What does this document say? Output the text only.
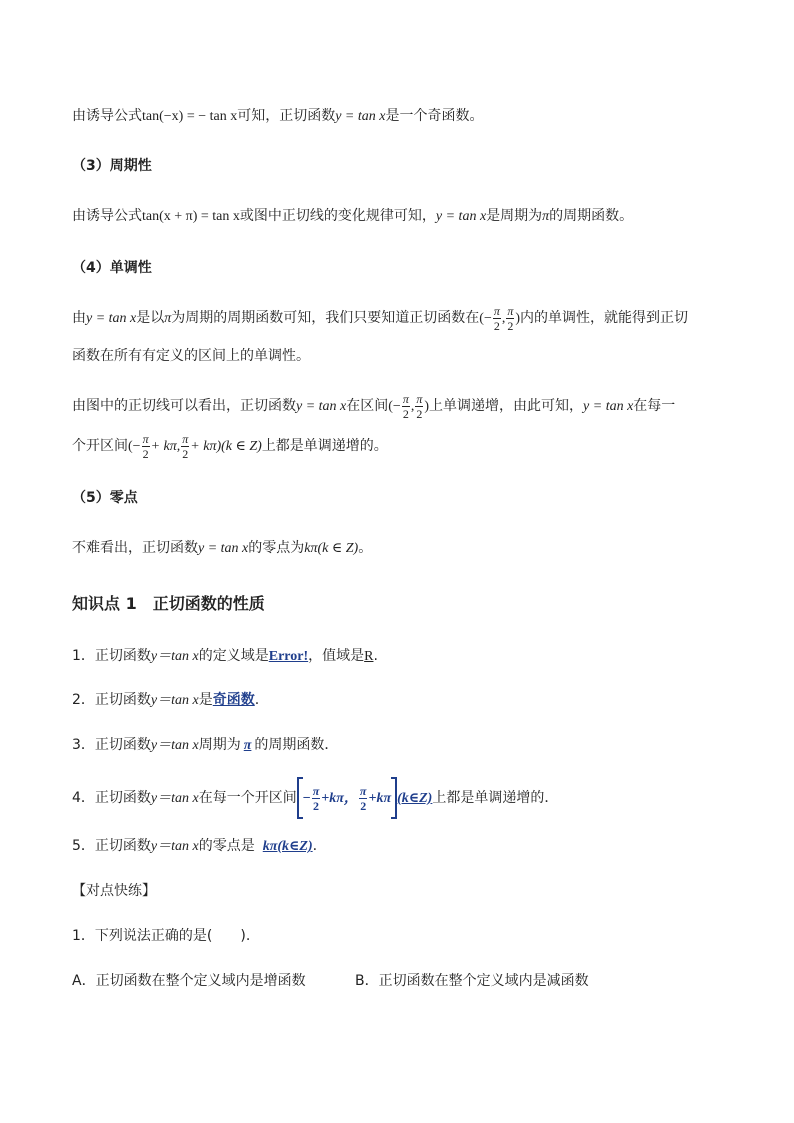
由诱导公式tan(−x) = − tan x可知，正切函数y = tan x是一个奇函数。
（3）周期性
由诱导公式tan(x + π) = tan x或图中正切线的变化规律可知，y = tan x是周期为π的周期函数。
（4）单调性
由y = tan x是以π为周期的周期函数可知，我们只要知道正切函数在(− $\frac{\pi}{2}$ , $\frac{\pi}{2}$ )内的单调性，就能得到正切
函数在所有有定义的区间上的单调性。
由图中的正切线可以看出，正切函数y = tan x在区间(− $\frac{\pi}{2}$ , $\frac{\pi}{2}$ )上单调递增，由此可知，y = tan x在每一
个开区间(− $\frac{\pi}{2} + k\pi$, $\frac{\pi}{2} + k\pi)(k$ ∈ Z)上都是单调递增的。
（5）零点
不难看出，正切函数y = tan x的零点为kπ(k ∈ Z)。
知识点 1　正切函数的性质
1．正切函数y＝tan x的定义域是Error!，值域是R.
2．正切函数y＝tan x是奇函数.
3．正切函数y＝tan x周期为 π 的周期函数．
4．正切函数y＝tan x在每一个开区间 − $\frac{\pi}{2} +k\pi$， $\frac{\pi}{2} +k\pi$ (k∈Z)上都是单调递增的．
5．正切函数y＝tan x的零点是 kπ(k∈Z).
【对点快练】
1．下列说法正确的是(　　).
A．正切函数在整个定义域内是增函数	B．正切函数在整个定义域内是减函数
